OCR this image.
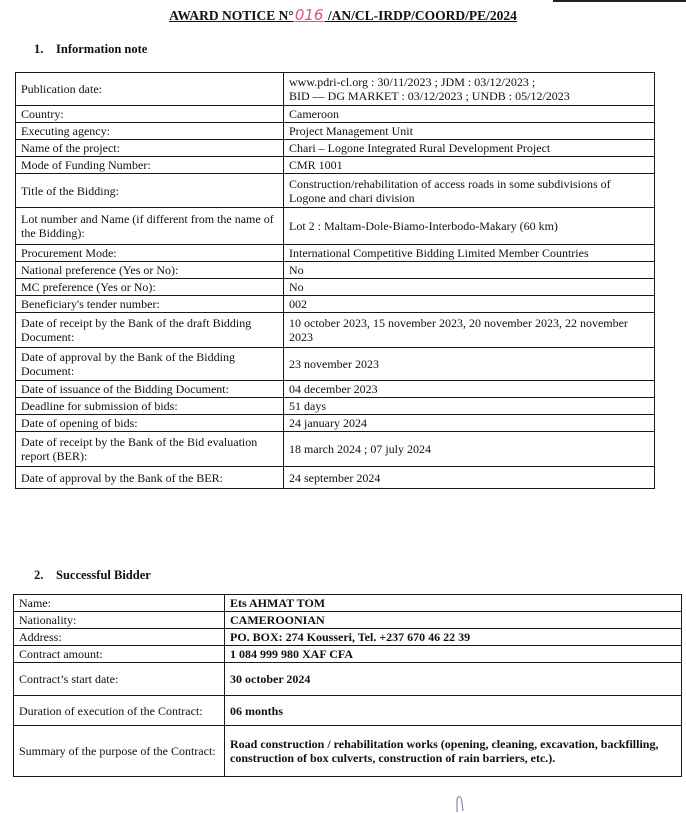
AWARD NOTICE N°016 /AN/CL-IRDP/COORD/PE/2024
1. Information note
Publication date:	www.pdri-cl.org : 30/11/2023 ; JDM : 03/12/2023 ;
BID — DG MARKET : 03/12/2023 ; UNDB : 05/12/2023
Country:	Cameroon
Executing agency:	Project Management Unit
Name of the project:	Chari – Logone Integrated Rural Development Project
Mode of Funding Number:	CMR 1001
Title of the Bidding:	Construction/rehabilitation of access roads in some subdivisions of Logone and chari division
Lot number and Name (if different from the name of the Bidding):	Lot 2 : Maltam-Dole-Biamo-Interbodo-Makary (60 km)
Procurement Mode:	International Competitive Bidding Limited Member Countries
National preference (Yes or No):	No
MC preference (Yes or No):	No
Beneficiary's tender number:	002
Date of receipt by the Bank of the draft Bidding Document:	10 october 2023, 15 november 2023, 20 november 2023, 22 november 2023
Date of approval by the Bank of the Bidding Document:	23 november 2023
Date of issuance of the Bidding Document:	04 december 2023
Deadline for submission of bids:	51 days
Date of opening of bids:	24 january 2024
Date of receipt by the Bank of the Bid evaluation report (BER):	18 march 2024 ; 07 july 2024
Date of approval by the Bank of the BER:	24 september 2024
2. Successful Bidder
Name:	Ets AHMAT TOM
Nationality:	CAMEROONIAN
Address:	PO. BOX: 274 Kousseri, Tel. +237 670 46 22 39
Contract amount:	1 084 999 980 XAF CFA
Contract’s start date:	30 october 2024
Duration of execution of the Contract:	06 months
Summary of the purpose of the Contract:	Road construction / rehabilitation works (opening, cleaning, excavation, backfilling, construction of box culverts, construction of rain barriers, etc.).
